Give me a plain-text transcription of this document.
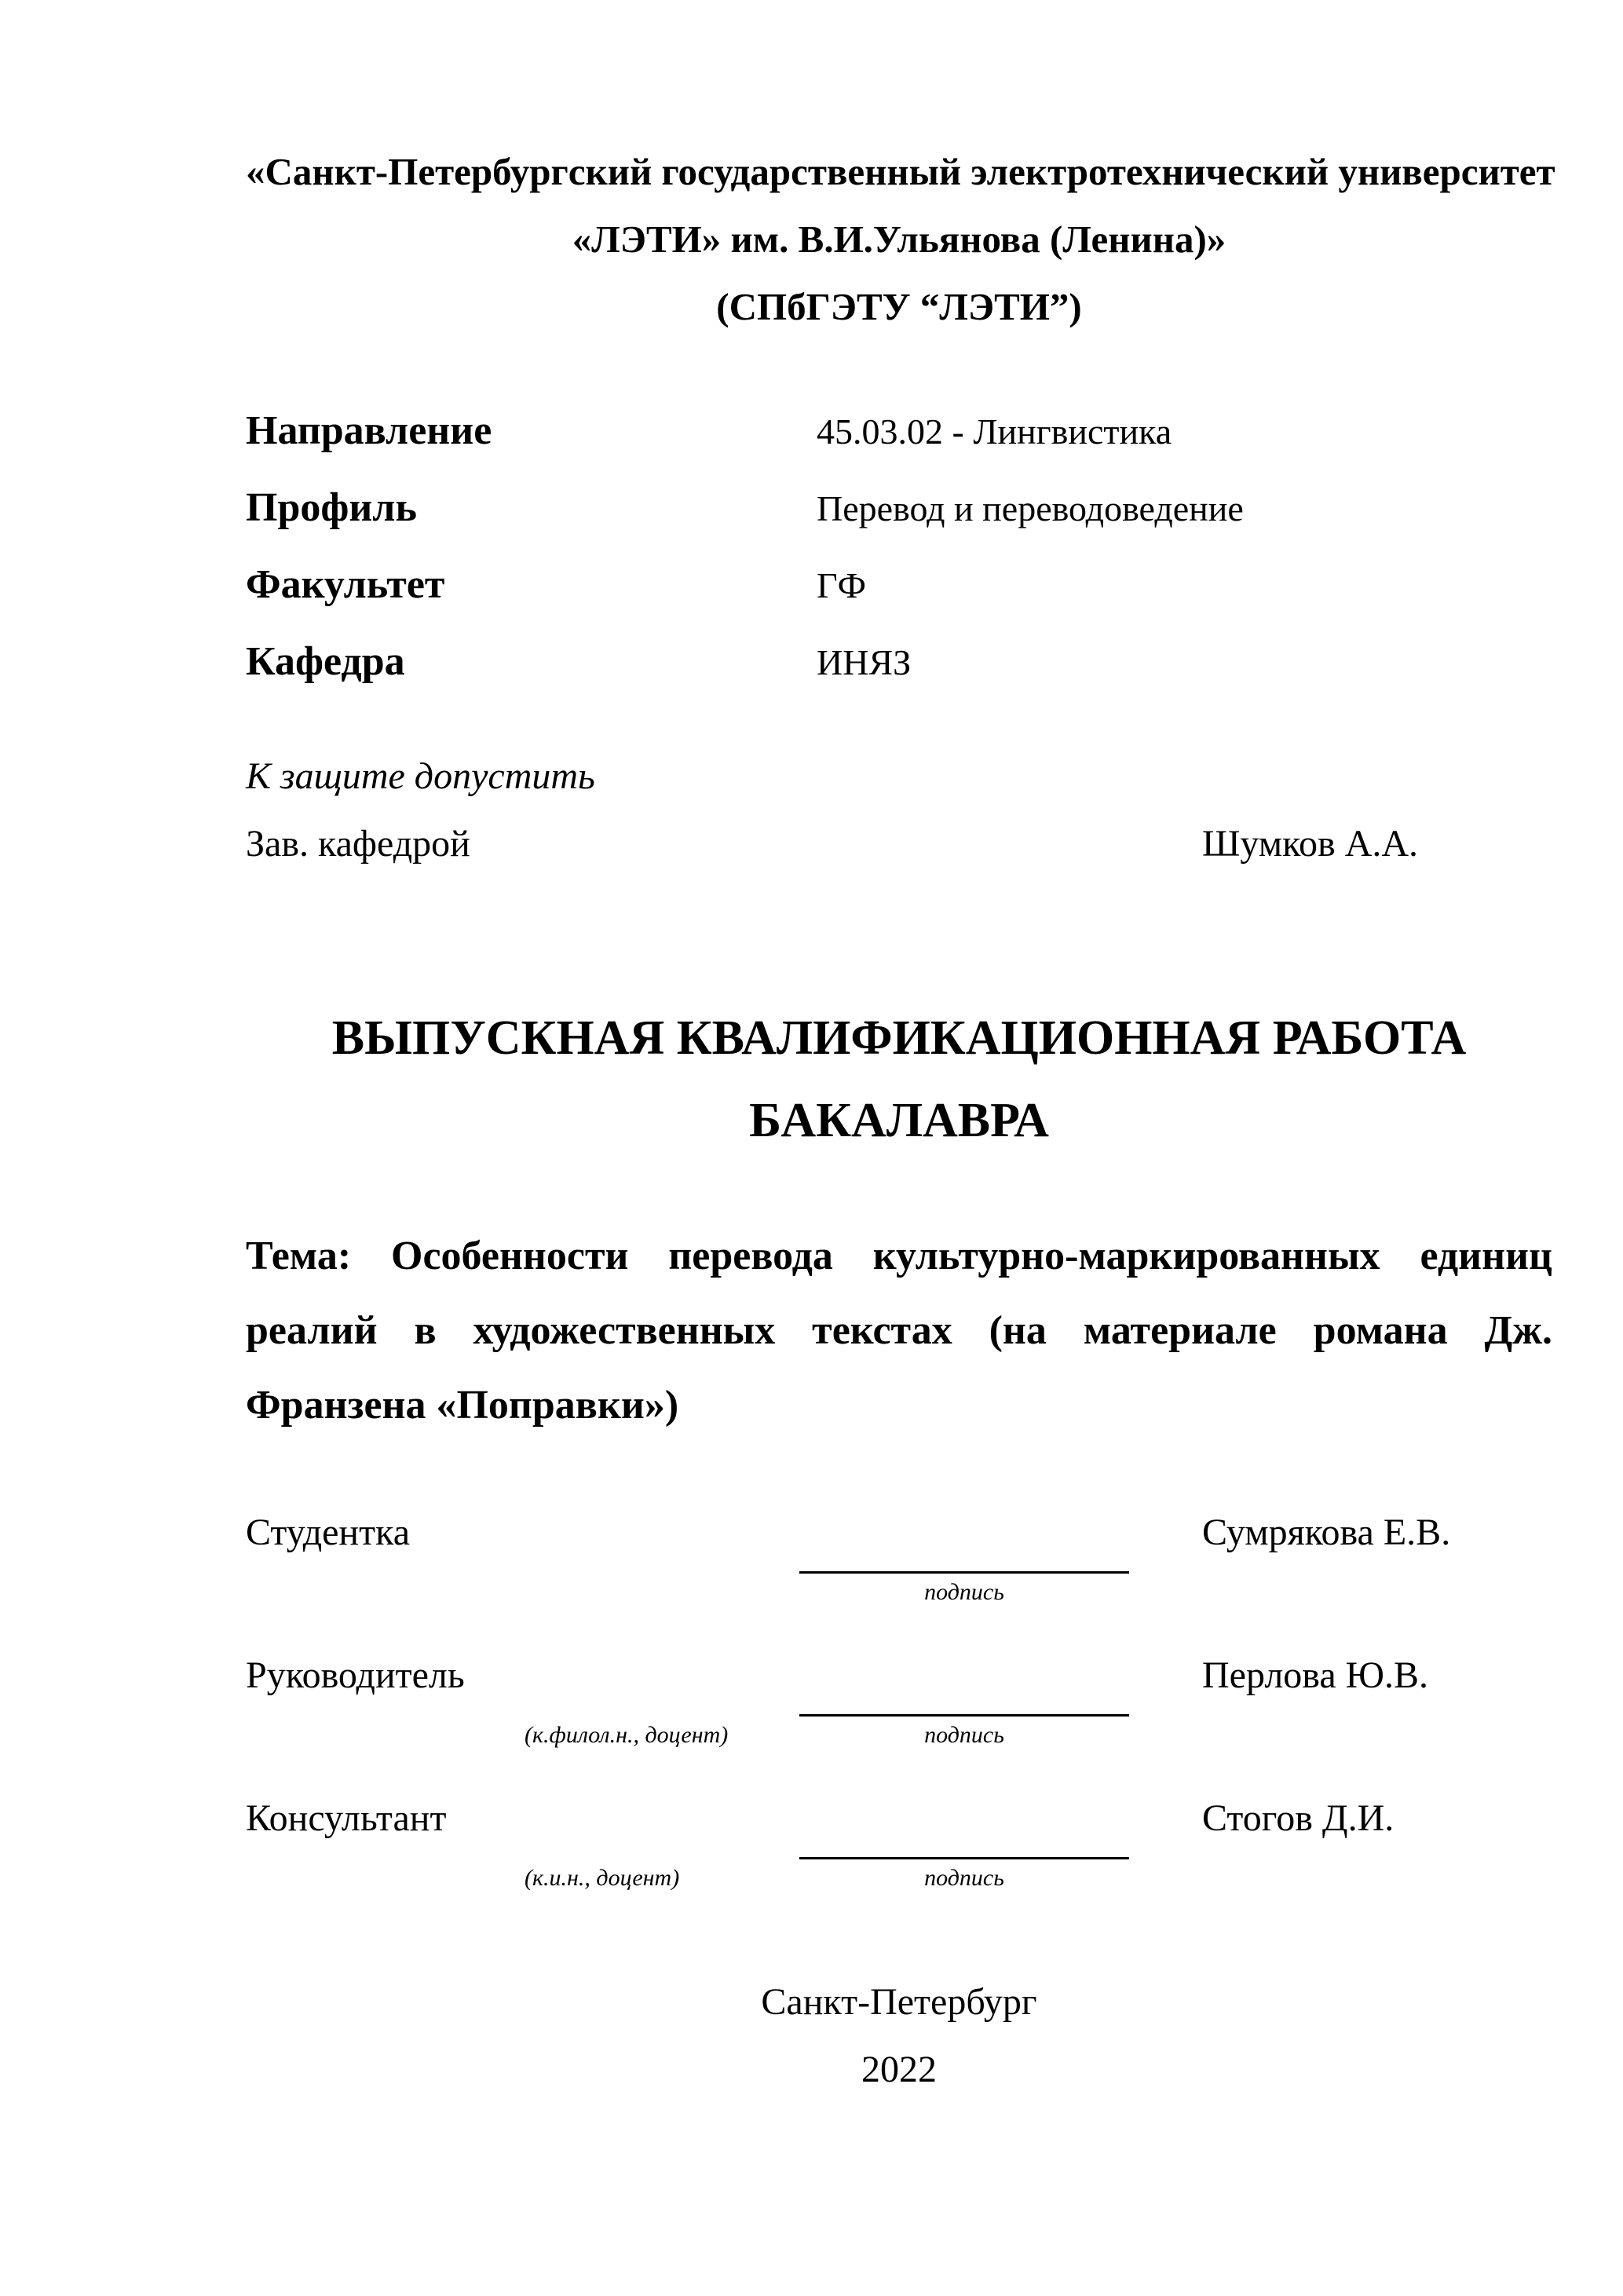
«Санкт-Петербургский государственный электротехнический университет

«ЛЭТИ» им. В.И.Ульянова (Ленина)»

(СПбГЭТУ “ЛЭТИ”)

Направление	45.03.02 - Лингвистика
Профиль	Перевод и переводоведение
Факультет	ГФ
Кафедра	ИНЯЗ
К защите допустить
Зав. кафедрой	Шумков А.А.
ВЫПУСКНАЯ КВАЛИФИКАЦИОННАЯ РАБОТА
БАКАЛАВРА
Тема: Особенности перевода культурно-маркированных единиц
реалий в художественных текстах (на материале романа Дж.
Франзена «Поправки»)
Студентка	Сумрякова Е.В.
подпись
Руководитель	Перлова Ю.В.
(к.филол.н., доцент)	подпись
Консультант	Стогов Д.И.
(к.и.н., доцент)	подпись
Санкт-Петербург
2022
